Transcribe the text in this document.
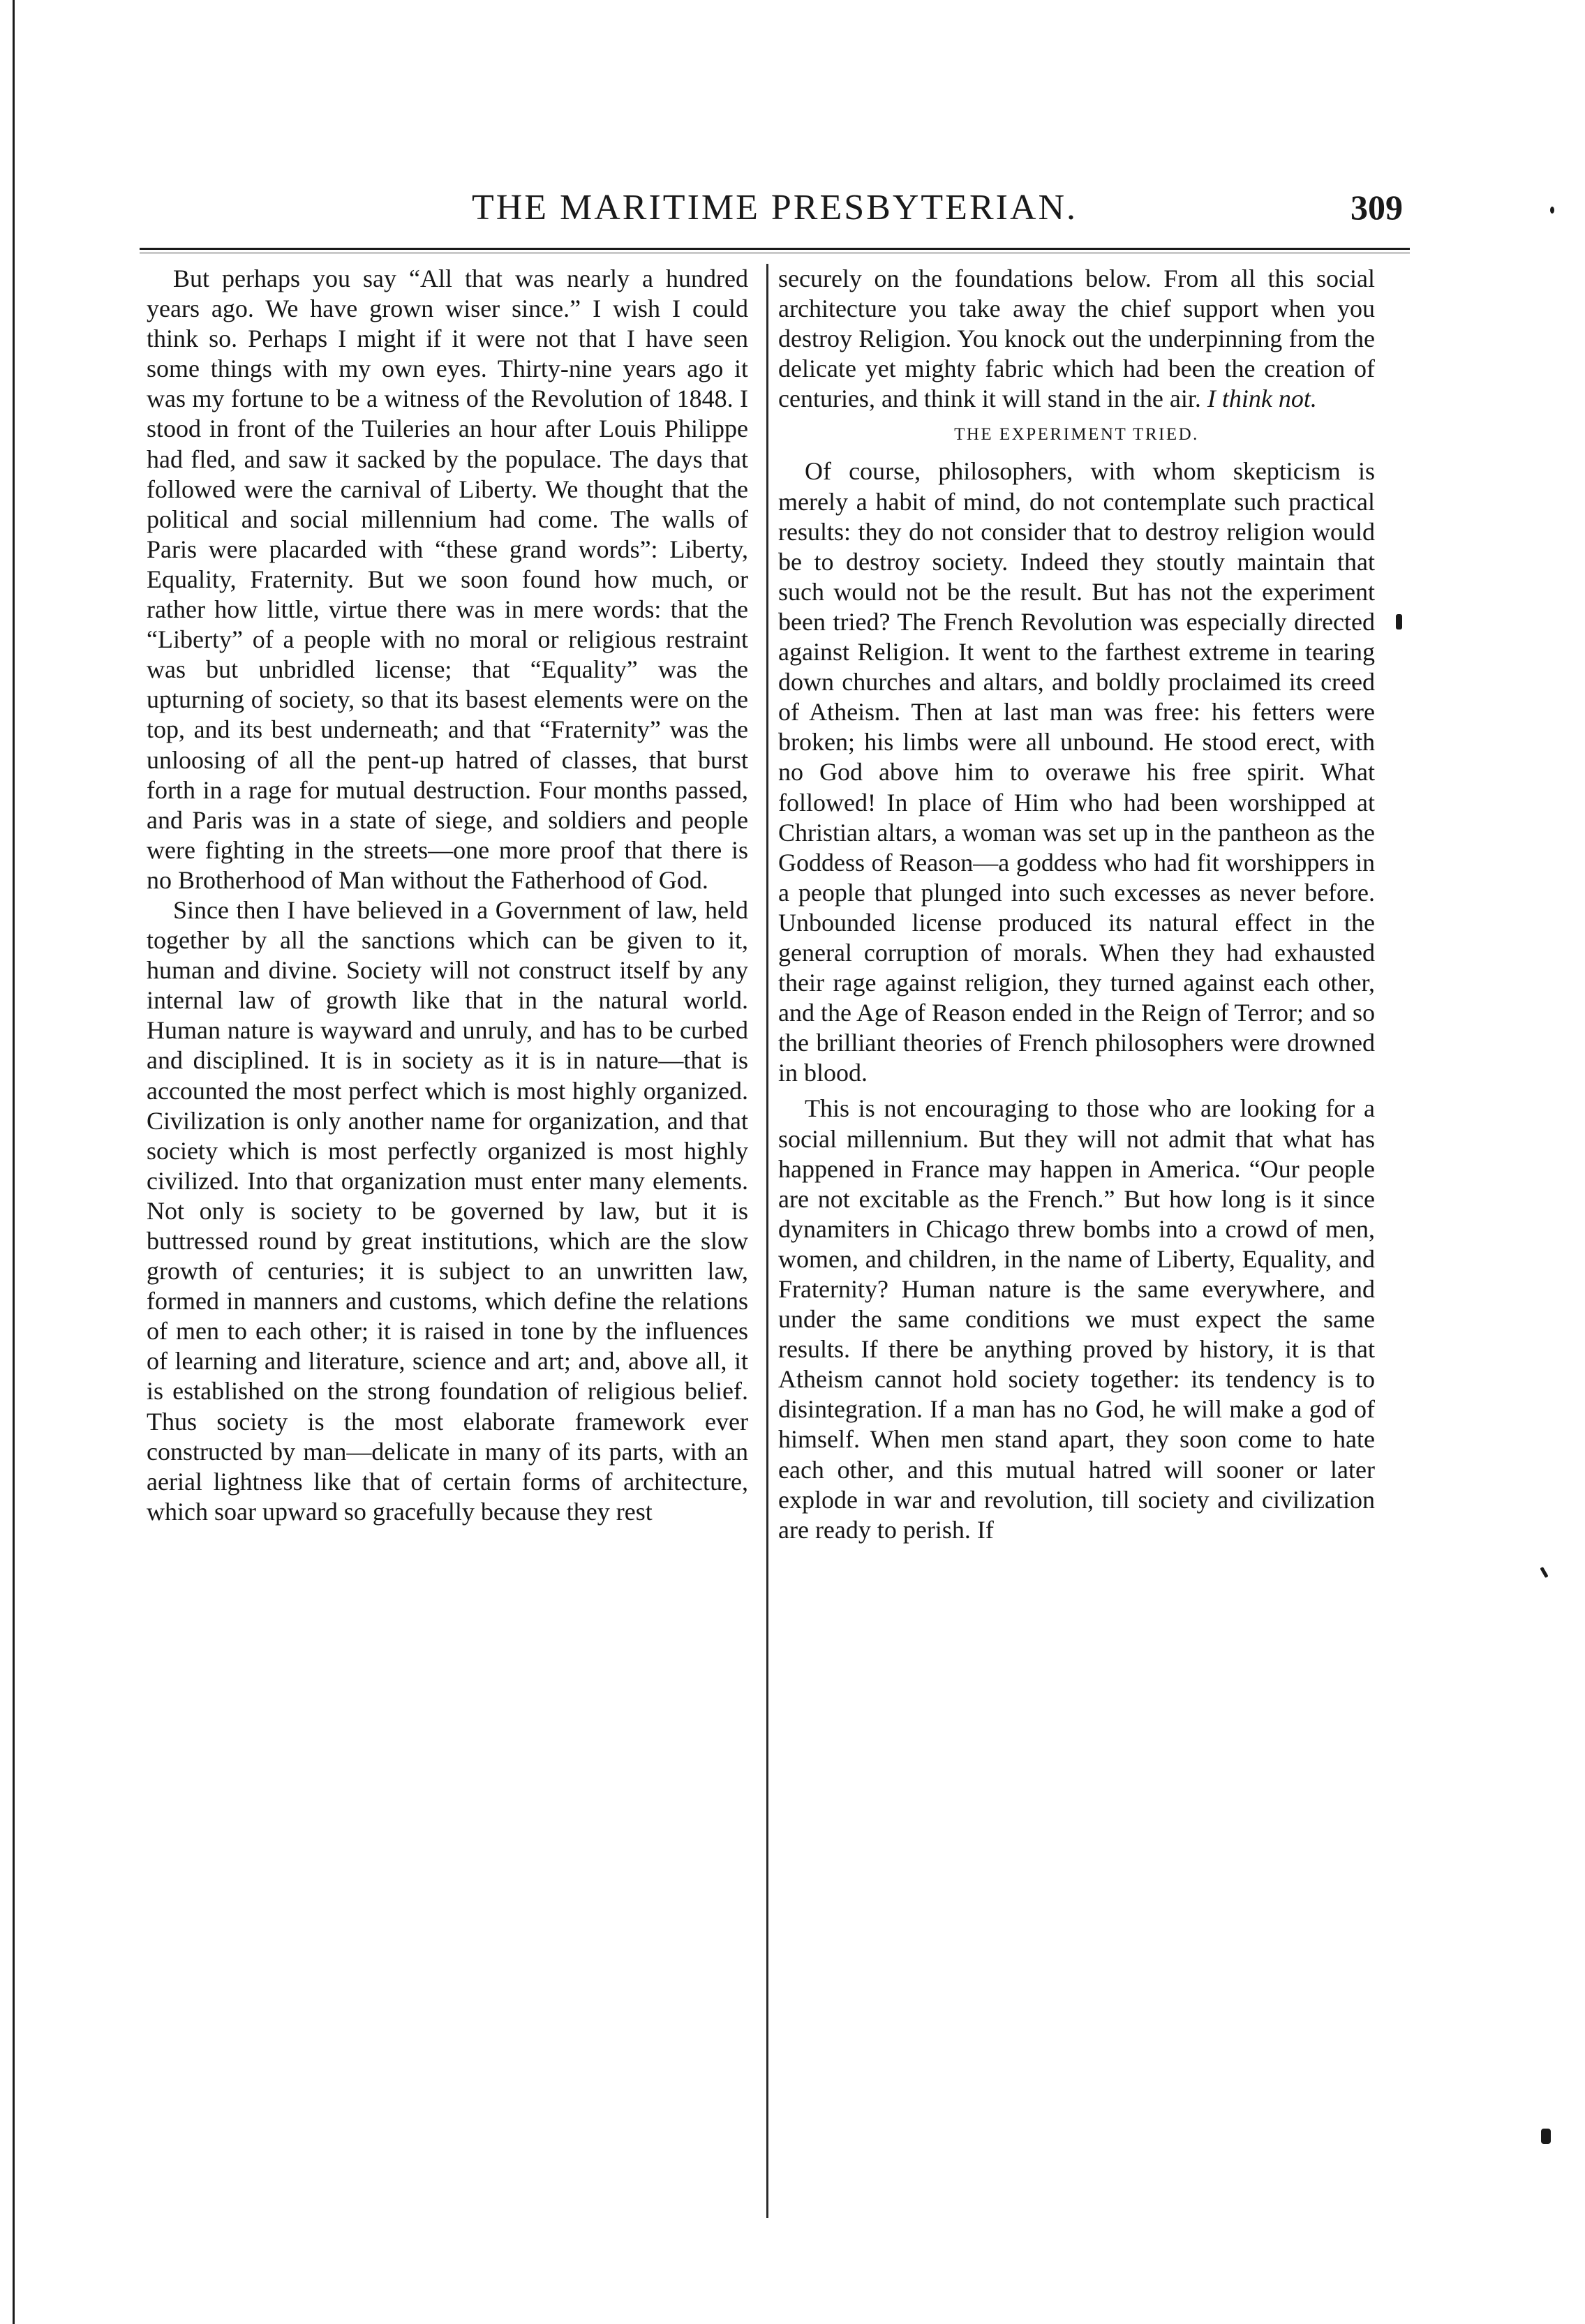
THE MARITIME PRESBYTERIAN.	309

But perhaps you say “All that was nearly a hundred years ago. We have grown wiser since.” I wish I could think so. Perhaps I might if it were not that I have seen some things with my own eyes. Thirty-nine years ago it was my fortune to be a witness of the Revolution of 1848. I stood in front of the Tuileries an hour after Louis Philippe had fled, and saw it sacked by the populace. The days that followed were the carnival of Liberty. We thought that the political and social millennium had come. The walls of Paris were placarded with “these grand words”: Liberty, Equality, Fraternity. But we soon found how much, or rather how little, virtue there was in mere words: that the “Liberty” of a people with no moral or religious restraint was but unbridled license; that “Equality” was the upturning of society, so that its basest elements were on the top, and its best underneath; and that “Fraternity” was the unloosing of all the pent-up hatred of classes, that burst forth in a rage for mutual destruction. Four months passed, and Paris was in a state of siege, and soldiers and people were fighting in the streets—one more proof that there is no Brotherhood of Man without the Fatherhood of God.

Since then I have believed in a Government of law, held together by all the sanctions which can be given to it, human and divine. Society will not construct itself by any internal law of growth like that in the natural world. Human nature is wayward and unruly, and has to be curbed and disciplined. It is in society as it is in nature—that is accounted the most perfect which is most highly organized. Civilization is only another name for organization, and that society which is most perfectly organized is most highly civilized. Into that organization must enter many elements. Not only is society to be governed by law, but it is buttressed round by great institutions, which are the slow growth of centuries; it is subject to an unwritten law, formed in manners and customs, which define the relations of men to each other; it is raised in tone by the influences of learning and literature, science and art; and, above all, it is established on the strong foundation of religious belief. Thus society is the most elaborate framework ever constructed by man—delicate in many of its parts, with an aerial lightness like that of certain forms of architecture, which soar upward so gracefully because they rest

securely on the foundations below. From all this social architecture you take away the chief support when you destroy Religion. You knock out the underpinning from the delicate yet mighty fabric which had been the creation of centuries, and think it will stand in the air. I think not.

THE EXPERIMENT TRIED.

Of course, philosophers, with whom skepticism is merely a habit of mind, do not contemplate such practical results: they do not consider that to destroy religion would be to destroy society. Indeed they stoutly maintain that such would not be the result. But has not the experiment been tried? The French Revolution was especially directed against Religion. It went to the farthest extreme in tearing down churches and altars, and boldly proclaimed its creed of Atheism. Then at last man was free: his fetters were broken; his limbs were all unbound. He stood erect, with no God above him to overawe his free spirit. What followed! In place of Him who had been worshipped at Christian altars, a woman was set up in the pantheon as the Goddess of Reason—a goddess who had fit worshippers in a people that plunged into such excesses as never before. Unbounded license produced its natural effect in the general corruption of morals. When they had exhausted their rage against religion, they turned against each other, and the Age of Reason ended in the Reign of Terror; and so the brilliant theories of French philosophers were drowned in blood.

This is not encouraging to those who are looking for a social millennium. But they will not admit that what has happened in France may happen in America. “Our people are not excitable as the French.” But how long is it since dynamiters in Chicago threw bombs into a crowd of men, women, and children, in the name of Liberty, Equality, and Fraternity? Human nature is the same everywhere, and under the same conditions we must expect the same results. If there be anything proved by history, it is that Atheism cannot hold society together: its tendency is to disintegration. If a man has no God, he will make a god of himself. When men stand apart, they soon come to hate each other, and this mutual hatred will sooner or later explode in war and revolution, till society and civilization are ready to perish. If
